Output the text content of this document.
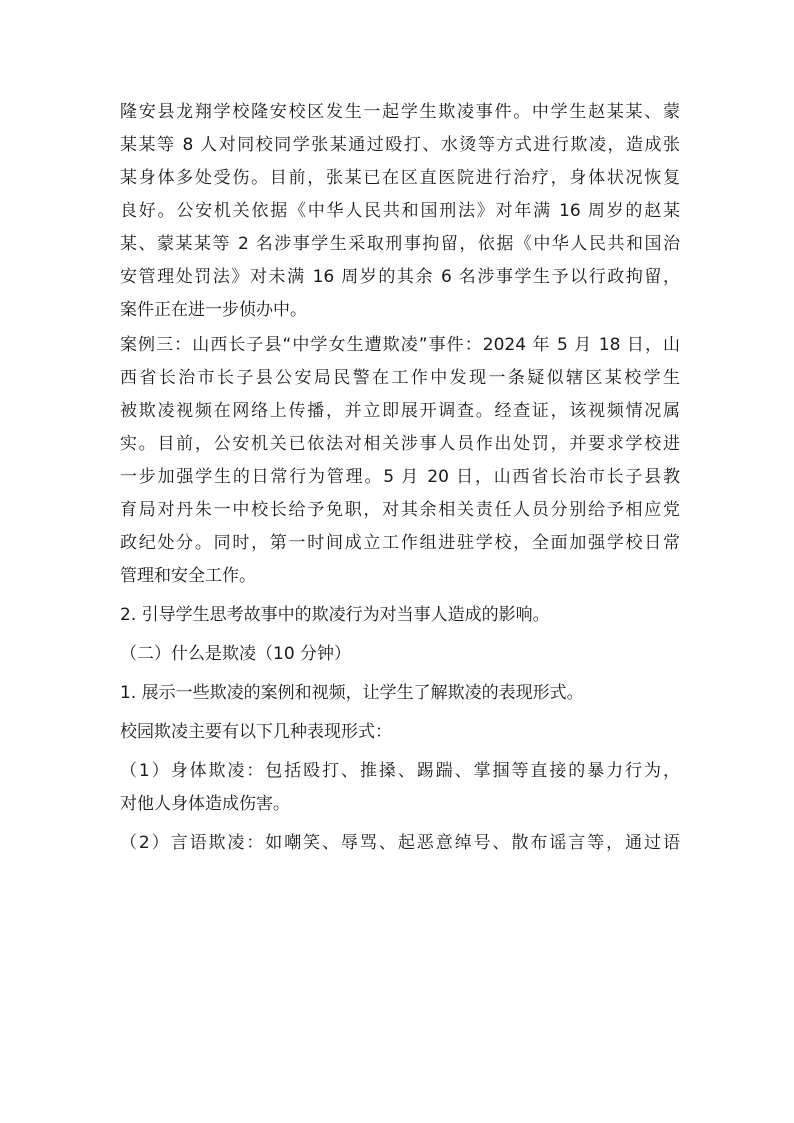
隆安县龙翔学校隆安校区发生一起学生欺凌事件。中学生赵某某、蒙
某某等 8 人对同校同学张某通过殴打、水烫等方式进行欺凌，造成张
某身体多处受伤。目前，张某已在区直医院进行治疗，身体状况恢复
良好。公安机关依据《中华人民共和国刑法》对年满 16 周岁的赵某
某、蒙某某等 2 名涉事学生采取刑事拘留，依据《中华人民共和国治
安管理处罚法》对未满 16 周岁的其余 6 名涉事学生予以行政拘留，
案件正在进一步侦办中。
案例三：山西长子县“中学女生遭欺凌”事件：2024 年 5 月 18 日，山
西省长治市长子县公安局民警在工作中发现一条疑似辖区某校学生
被欺凌视频在网络上传播，并立即展开调查。经查证，该视频情况属
实。目前，公安机关已依法对相关涉事人员作出处罚，并要求学校进
一步加强学生的日常行为管理。5 月 20 日，山西省长治市长子县教
育局对丹朱一中校长给予免职，对其余相关责任人员分别给予相应党
政纪处分。同时，第一时间成立工作组进驻学校，全面加强学校日常
管理和安全工作。
2. 引导学生思考故事中的欺凌行为对当事人造成的影响。
（二）什么是欺凌（10 分钟）
1. 展示一些欺凌的案例和视频，让学生了解欺凌的表现形式。
校园欺凌主要有以下几种表现形式：
（1）身体欺凌：包括殴打、推搡、踢踹、掌掴等直接的暴力行为，
对他人身体造成伤害。
（2）言语欺凌：如嘲笑、辱骂、起恶意绰号、散布谣言等，通过语
